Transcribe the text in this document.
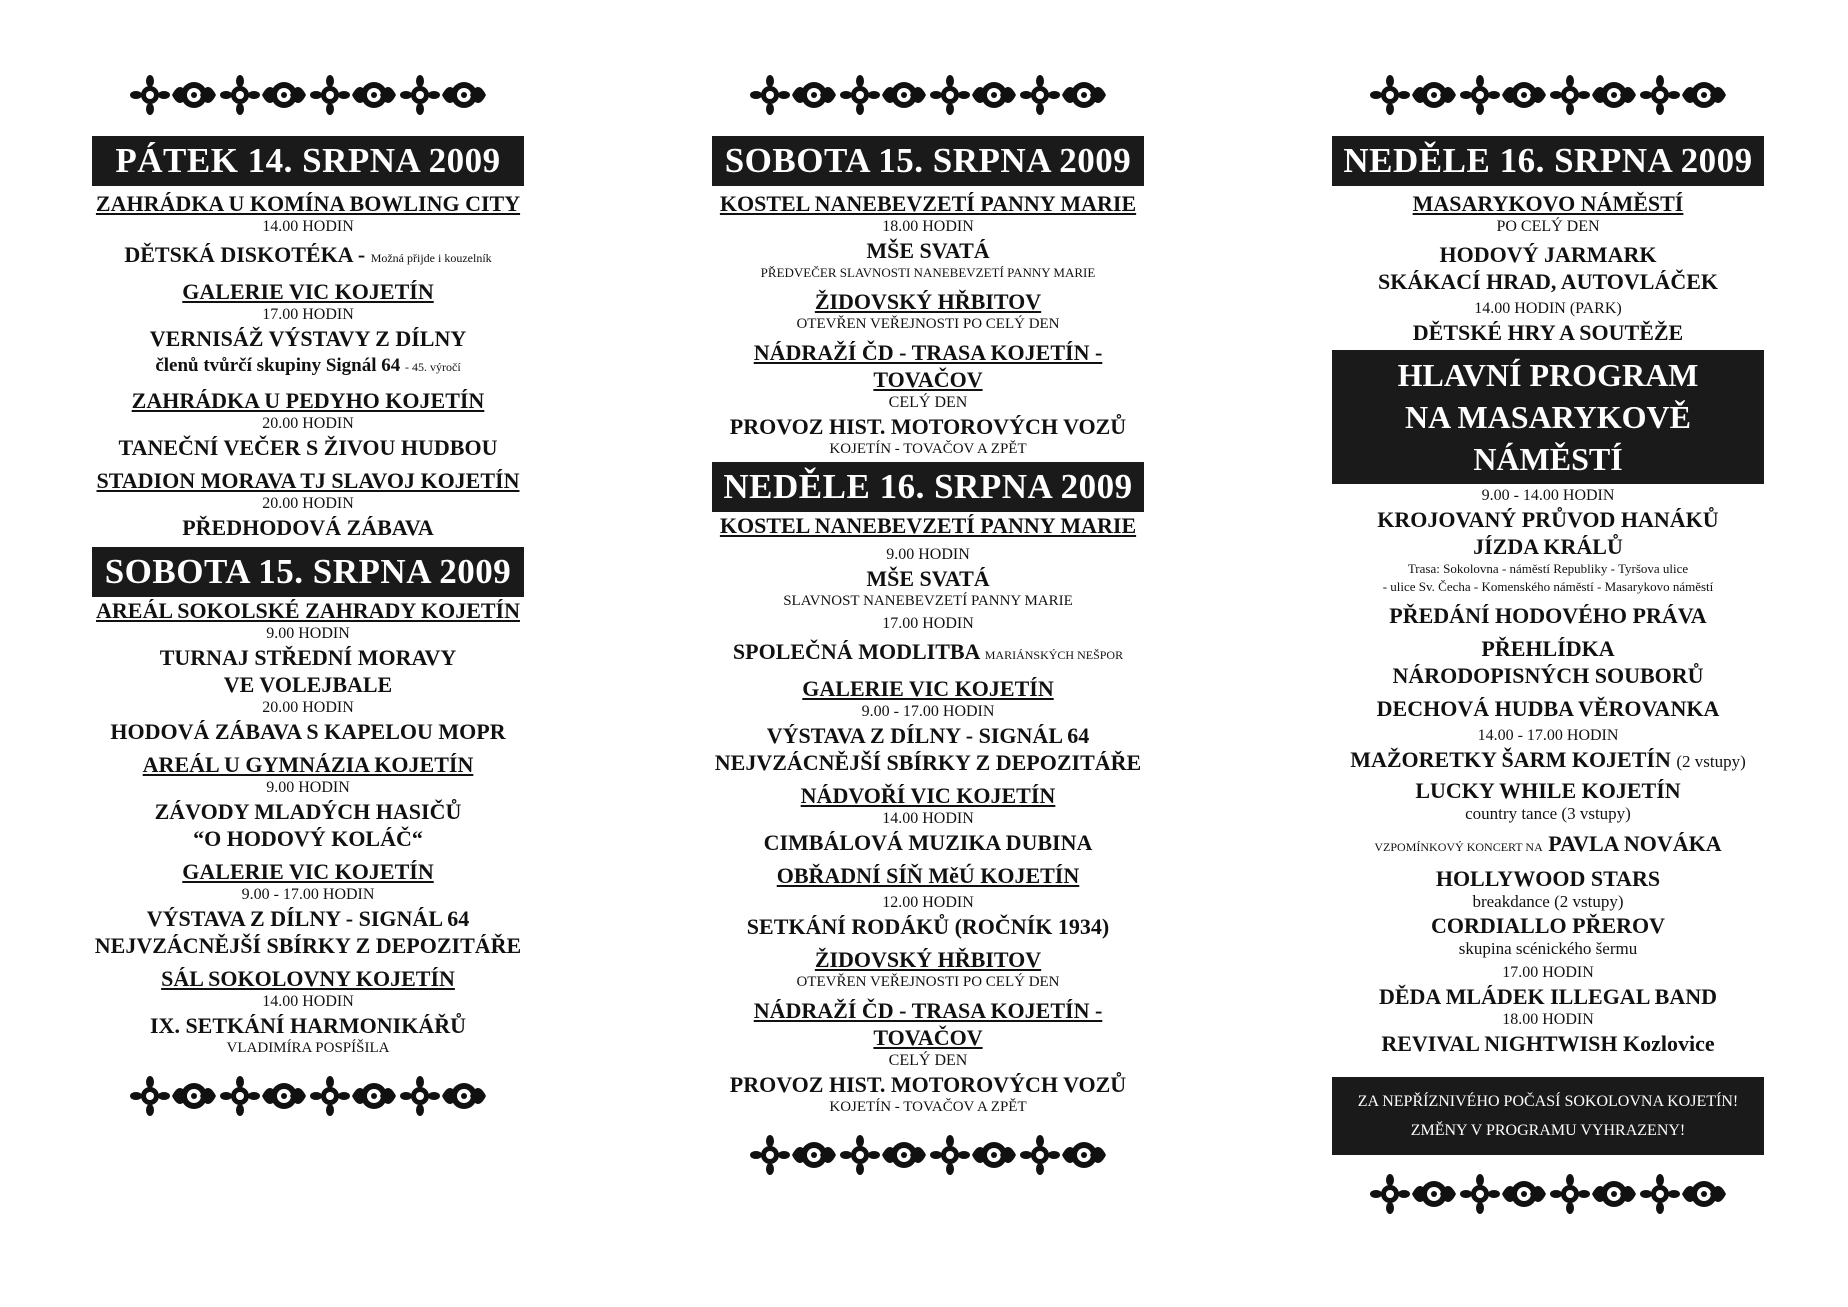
PÁTEK 14. SRPNA 2009
ZAHRÁDKA U KOMÍNA BOWLING CITY
14.00 HODIN
DĚTSKÁ DISKOTÉKA - Možná přijde i kouzelník
GALERIE VIC KOJETÍN
17.00 HODIN
VERNISÁŽ VÝSTAVY Z DÍLNY
členů tvůrčí skupiny Signál 64 - 45. výročí
ZAHRÁDKA U PEDYHO KOJETÍN
20.00 HODIN
TANEČNÍ VEČER S ŽIVOU HUDBOU
STADION MORAVA TJ SLAVOJ KOJETÍN
20.00 HODIN
PŘEDHODOVÁ ZÁBAVA
SOBOTA 15. SRPNA 2009
AREÁL SOKOLSKÉ ZAHRADY KOJETÍN
9.00 HODIN
TURNAJ STŘEDNÍ MORAVY
VE VOLEJBALE
20.00 HODIN
HODOVÁ ZÁBAVA S KAPELOU MOPR
AREÁL U GYMNÁZIA KOJETÍN
9.00 HODIN
ZÁVODY MLADÝCH HASIČŮ
“O HODOVÝ KOLÁČ“
GALERIE VIC KOJETÍN
9.00 - 17.00 HODIN
VÝSTAVA Z DÍLNY - SIGNÁL 64
NEJVZÁCNĚJŠÍ SBÍRKY Z DEPOZITÁŘE
SÁL SOKOLOVNY KOJETÍN
14.00 HODIN
IX. SETKÁNÍ HARMONIKÁŘŮ
VLADIMÍRA POSPÍŠILA
SOBOTA 15. SRPNA 2009
KOSTEL NANEBEVZETÍ PANNY MARIE
18.00 HODIN
MŠE SVATÁ
PŘEDVEČER SLAVNOSTI NANEBEVZETÍ PANNY MARIE
ŽIDOVSKÝ HŘBITOV
OTEVŘEN VEŘEJNOSTI PO CELÝ DEN
NÁDRAŽÍ ČD - TRASA KOJETÍN - TOVAČOV
CELÝ DEN
PROVOZ HIST. MOTOROVÝCH VOZŮ
KOJETÍN - TOVAČOV A ZPĚT
NEDĚLE 16. SRPNA 2009
KOSTEL NANEBEVZETÍ PANNY MARIE
9.00 HODIN
MŠE SVATÁ
SLAVNOST NANEBEVZETÍ PANNY MARIE
17.00 HODIN
SPOLEČNÁ MODLITBA MARIÁNSKÝCH NEŠPOR
GALERIE VIC KOJETÍN
9.00 - 17.00 HODIN
VÝSTAVA Z DÍLNY - SIGNÁL 64
NEJVZÁCNĚJŠÍ SBÍRKY Z DEPOZITÁŘE
NÁDVOŘÍ VIC KOJETÍN
14.00 HODIN
CIMBÁLOVÁ MUZIKA DUBINA
OBŘADNÍ SÍŇ MěÚ KOJETÍN
12.00 HODIN
SETKÁNÍ RODÁKŮ (ROČNÍK 1934)
ŽIDOVSKÝ HŘBITOV
OTEVŘEN VEŘEJNOSTI PO CELÝ DEN
NÁDRAŽÍ ČD - TRASA KOJETÍN - TOVAČOV
CELÝ DEN
PROVOZ HIST. MOTOROVÝCH VOZŮ
KOJETÍN - TOVAČOV A ZPĚT
NEDĚLE 16. SRPNA 2009
MASARYKOVO NÁMĚSTÍ
PO CELÝ DEN
HODOVÝ JARMARK
SKÁKACÍ HRAD, AUTOVLÁČEK
14.00 HODIN (PARK)
DĚTSKÉ HRY A SOUTĚŽE
HLAVNÍ PROGRAM
NA MASARYKOVĚ NÁMĚSTÍ
9.00 - 14.00 HODIN
KROJOVANÝ PRŮVOD HANÁKŮ
JÍZDA KRÁLŮ
Trasa: Sokolovna - náměstí Republiky - Tyršova ulice
- ulice Sv. Čecha - Komenského náměstí - Masarykovo náměstí
PŘEDÁNÍ HODOVÉHO PRÁVA
PŘEHLÍDKA
NÁRODOPISNÝCH SOUBORŮ
DECHOVÁ HUDBA VĚROVANKA
14.00 - 17.00 HODIN
MAŽORETKY ŠARM KOJETÍN (2 vstupy)
LUCKY WHILE KOJETÍN
country tance (3 vstupy)
VZPOMÍNKOVÝ KONCERT NA PAVLA NOVÁKA
HOLLYWOOD STARS
breakdance (2 vstupy)
CORDIALLO PŘEROV
skupina scénického šermu
17.00 HODIN
DĚDA MLÁDEK ILLEGAL BAND
18.00 HODIN
REVIVAL NIGHTWISH Kozlovice
ZA NEPŘÍZNIVÉHO POČASÍ SOKOLOVNA KOJETÍN!
ZMĚNY V PROGRAMU VYHRAZENY!
